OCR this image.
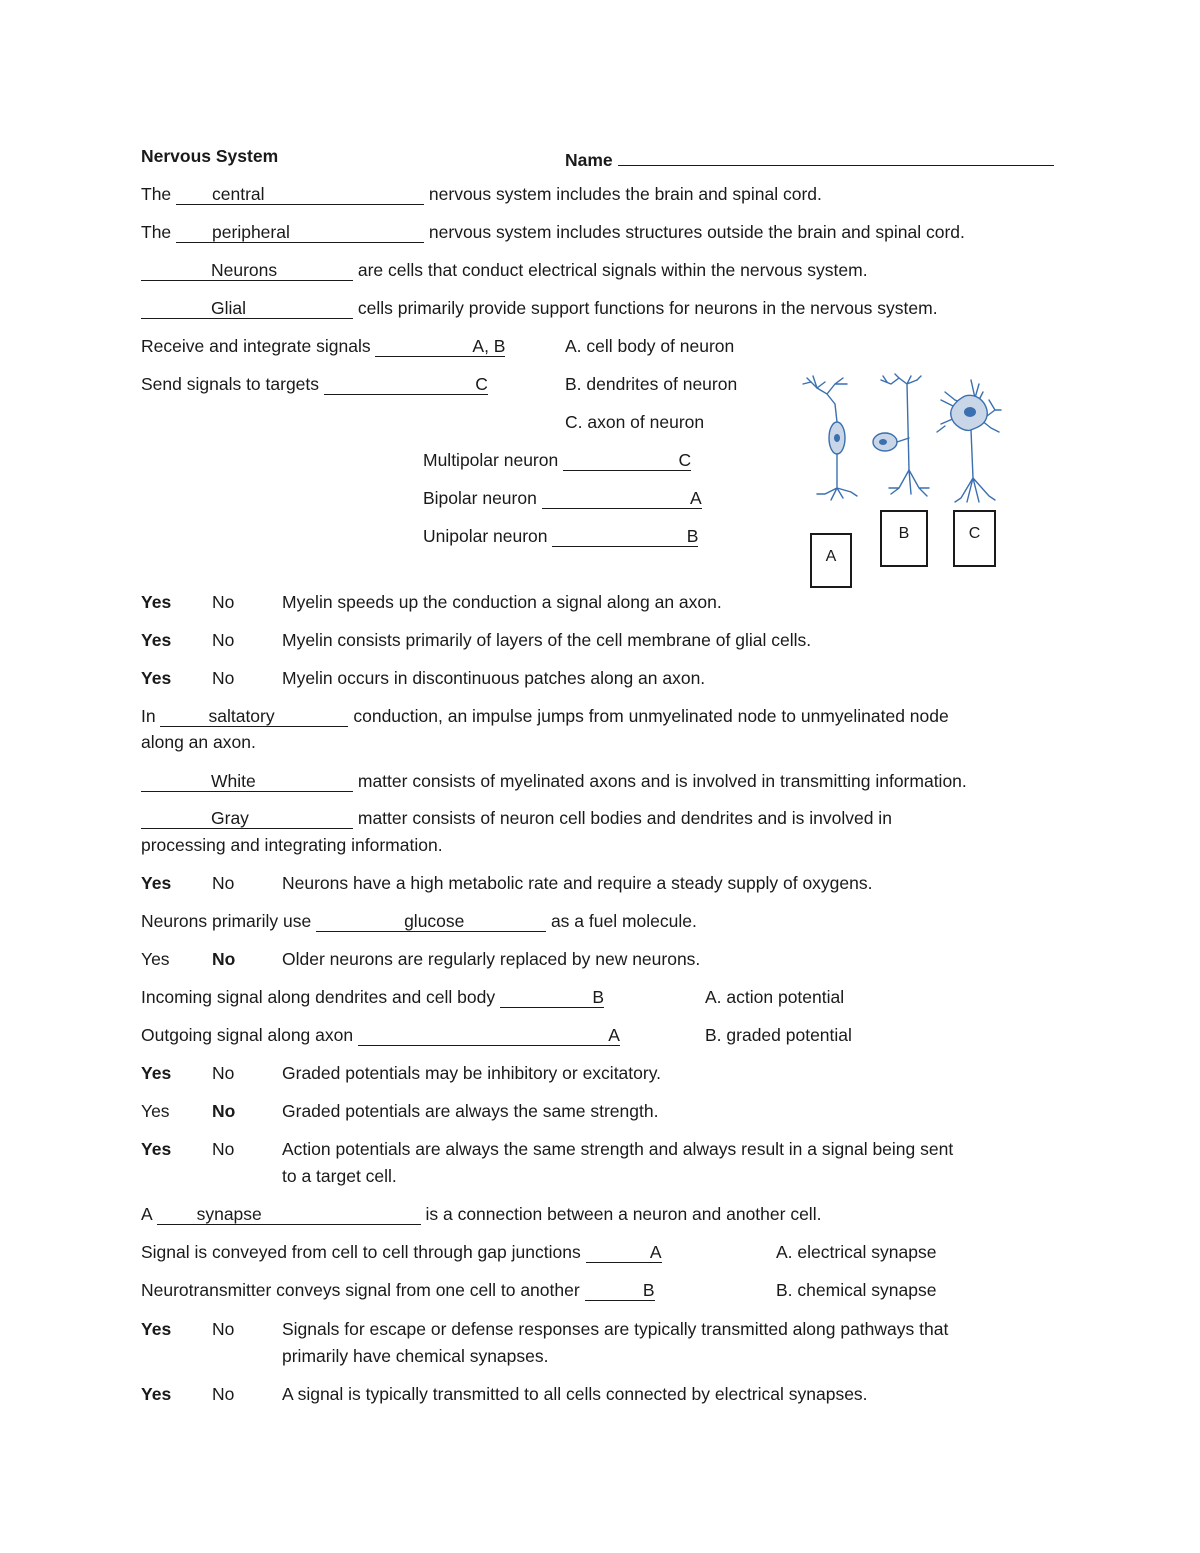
Nervous System	Name
The central	nervous system includes the brain and spinal cord.
The peripheral	nervous system includes structures outside the brain and spinal cord.
Neurons	are cells that conduct electrical signals within the nervous system.
Glial	cells primarily provide support functions for neurons in the nervous system.
Receive and integrate signals	A, B
Send signals to targets	C
A. cell body of neuron
B. dendrites of neuron
C. axon of neuron
Multipolar neuron	C
Bipolar neuron	A
Unipolar neuron	B
A
B	C
Yes No	Myelin speeds up the conduction a signal along an axon.
Yes No	Myelin consists primarily of layers of the cell membrane of glial cells.
Yes No	Myelin occurs in discontinuous patches along an axon.
In	saltatory	conduction, an impulse jumps from unmyelinated node to unmyelinated node
along an axon.
White	matter consists of myelinated axons and is involved in transmitting information.
Gray	matter consists of neuron cell bodies and dendrites and is involved in
processing and integrating information.
Yes No	Neurons have a high metabolic rate and require a steady supply of oxygens.
Neurons primarily use	glucose	as a fuel molecule.
Yes No	Older neurons are regularly replaced by new neurons.
Incoming signal along dendrites and cell body	B
Outgoing signal along axon	A
A. action potential
B. graded potential
Yes No	Graded potentials may be inhibitory or excitatory.
Yes No	Graded potentials are always the same strength.
Yes No	Action potentials are always the same strength and always result in a signal being sent
to a target cell.
A	synapse	is a connection between a neuron and another cell.
Signal is conveyed from cell to cell through gap junctions	A
Neurotransmitter conveys signal from one cell to another	B
A. electrical synapse
B. chemical synapse
Yes No	Signals for escape or defense responses are typically transmitted along pathways that
primarily have chemical synapses.
Yes No	A signal is typically transmitted to all cells connected by electrical synapses.
